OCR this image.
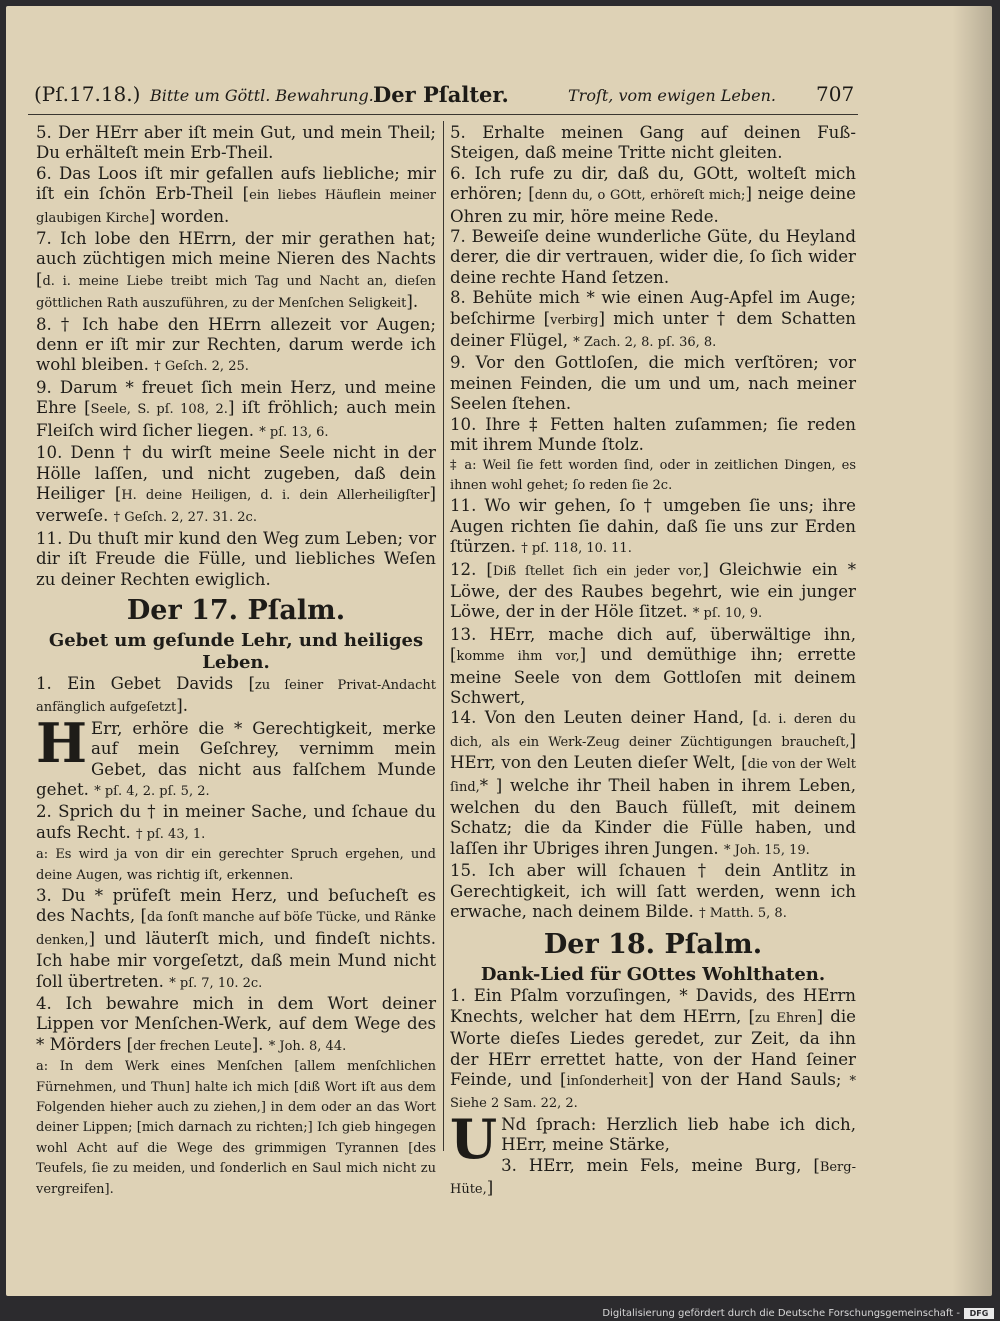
(Pſ.17.18.) Bitte um Göttl. Bewahrung. Der Pſalter.	Troſt, vom ewigen Leben. 707

5. Der HErr aber iſt mein Gut, und mein Theil; Du erhälteſt mein Erb-Theil.

6. Das Loos iſt mir gefallen aufs liebliche; mir iſt ein ſchön Erb-Theil [ein liebes Häuflein meiner glaubigen Kirche] worden.

7. Ich lobe den HErrn, der mir gerathen hat; auch züchtigen mich meine Nieren des Nachts [d. i. meine Liebe treibt mich Tag und Nacht an, dieſen göttlichen Rath auszuführen, zu der Menſchen Seligkeit].

8. † Ich habe den HErrn allezeit vor Augen; denn er iſt mir zur Rechten, darum werde ich wohl bleiben. † Geſch. 2, 25.

9. Darum * freuet ſich mein Herz, und meine Ehre [Seele, S. pſ. 108, 2.] iſt fröhlich; auch mein Fleiſch wird ſicher liegen. * pſ. 13, 6.

10. Denn † du wirſt meine Seele nicht in der Hölle laſſen, und nicht zugeben, daß dein Heiliger [H. deine Heiligen, d. i. dein Allerheiligſter] verweſe. † Geſch. 2, 27. 31. 2c.

11. Du thuſt mir kund den Weg zum Leben; vor dir iſt Freude die Fülle, und liebliches Weſen zu deiner Rechten ewiglich.

Der 17. Pſalm.

Gebet um geſunde Lehr, und heiliges Leben.

1. Ein Gebet Davids [zu ſeiner Privat-Andacht anfänglich aufgeſetzt].

H Err, erhöre die * Gerechtigkeit, merke auf mein Geſchrey, vernimm mein Gebet, das nicht aus falſchem Munde gehet. * pſ. 4, 2. pſ. 5, 2.

2. Sprich du † in meiner Sache, und ſchaue du aufs Recht. † pſ. 43, 1.

a: Es wird ja von dir ein gerechter Spruch ergehen, und deine Augen, was richtig iſt, erkennen.

3. Du * prüfeſt mein Herz, und beſucheſt es des Nachts, [da ſonſt manche auf böſe Tücke, und Ränke denken,] und läuterſt mich, und findeſt nichts. Ich habe mir vorgeſetzt, daß mein Mund nicht ſoll übertreten. * pſ. 7, 10. 2c.

4. Ich bewahre mich in dem Wort deiner Lippen vor Menſchen-Werk, auf dem Wege des * Mörders [der frechen Leute]. * Joh. 8, 44.

a: In dem Werk eines Menſchen [allem menſchlichen Fürnehmen, und Thun] halte ich mich [diß Wort iſt aus dem Folgenden hieher auch zu ziehen,] in dem oder an das Wort deiner Lippen; [mich darnach zu richten;] Ich gieb hingegen wohl Acht auf die Wege des grimmigen Tyrannen [des Teufels, ſie zu meiden, und ſonderlich en Saul mich nicht zu vergreifen].

5. Erhalte meinen Gang auf deinen Fuß-Steigen, daß meine Tritte nicht gleiten.

6. Ich rufe zu dir, daß du, GOtt, wolteſt mich erhören; [denn du, o GOtt, erhöreſt mich;] neige deine Ohren zu mir, höre meine Rede.

7. Beweiſe deine wunderliche Güte, du Heyland derer, die dir vertrauen, wider die, ſo ſich wider deine rechte Hand ſetzen.

8. Behüte mich * wie einen Aug-Apfel im Auge; beſchirme [verbirg] mich unter † dem Schatten deiner Flügel, * Zach. 2, 8. pſ. 36, 8.

9. Vor den Gottloſen, die mich verſtören; vor meinen Feinden, die um und um, nach meiner Seelen ſtehen.

10. Ihre ‡ Fetten halten zuſammen; ſie reden mit ihrem Munde ſtolz.

‡ a: Weil ſie fett worden ſind, oder in zeitlichen Dingen, es ihnen wohl gehet; ſo reden ſie 2c.

11. Wo wir gehen, ſo † umgeben ſie uns; ihre Augen richten ſie dahin, daß ſie uns zur Erden ſtürzen. † pſ. 118, 10. 11.

12. [Diß ſtellet ſich ein jeder vor,] Gleichwie ein * Löwe, der des Raubes begehrt, wie ein junger Löwe, der in der Höle ſitzet. * pſ. 10, 9.

13. HErr, mache dich auf, überwältige ihn, [komme ihm vor,] und demüthige ihn; errette meine Seele von dem Gottloſen mit deinem Schwert,

14. Von den Leuten deiner Hand, [d. i. deren du dich, als ein Werk-Zeug deiner Züchtigungen braucheſt,] HErr, von den Leuten dieſer Welt, [die von der Welt ſind,* ] welche ihr Theil haben in ihrem Leben, welchen du den Bauch fülleſt, mit deinem Schatz; die da Kinder die Fülle haben, und laſſen ihr Ubriges ihren Jungen. * Joh. 15, 19.

15. Ich aber will ſchauen † dein Antlitz in Gerechtigkeit, ich will ſatt werden, wenn ich erwache, nach deinem Bilde. † Matth. 5, 8.

Der 18. Pſalm.

Dank-Lied für GOttes Wohlthaten.

1. Ein Pſalm vorzuſingen, * Davids, des HErrn Knechts, welcher hat dem HErrn, [zu Ehren] die Worte dieſes Liedes geredet, zur Zeit, da ihn der HErr errettet hatte, von der Hand ſeiner Feinde, und [inſonderheit] von der Hand Sauls; * Siehe 2 Sam. 22, 2.

U Nd ſprach: Herzlich lieb habe ich dich, HErr, meine Stärke,

3. HErr, mein Fels, meine Burg, [Berg-Hüte,]

Digitalisierung gefördert durch die Deutsche Forschungsgemeinschaft -	DFG
